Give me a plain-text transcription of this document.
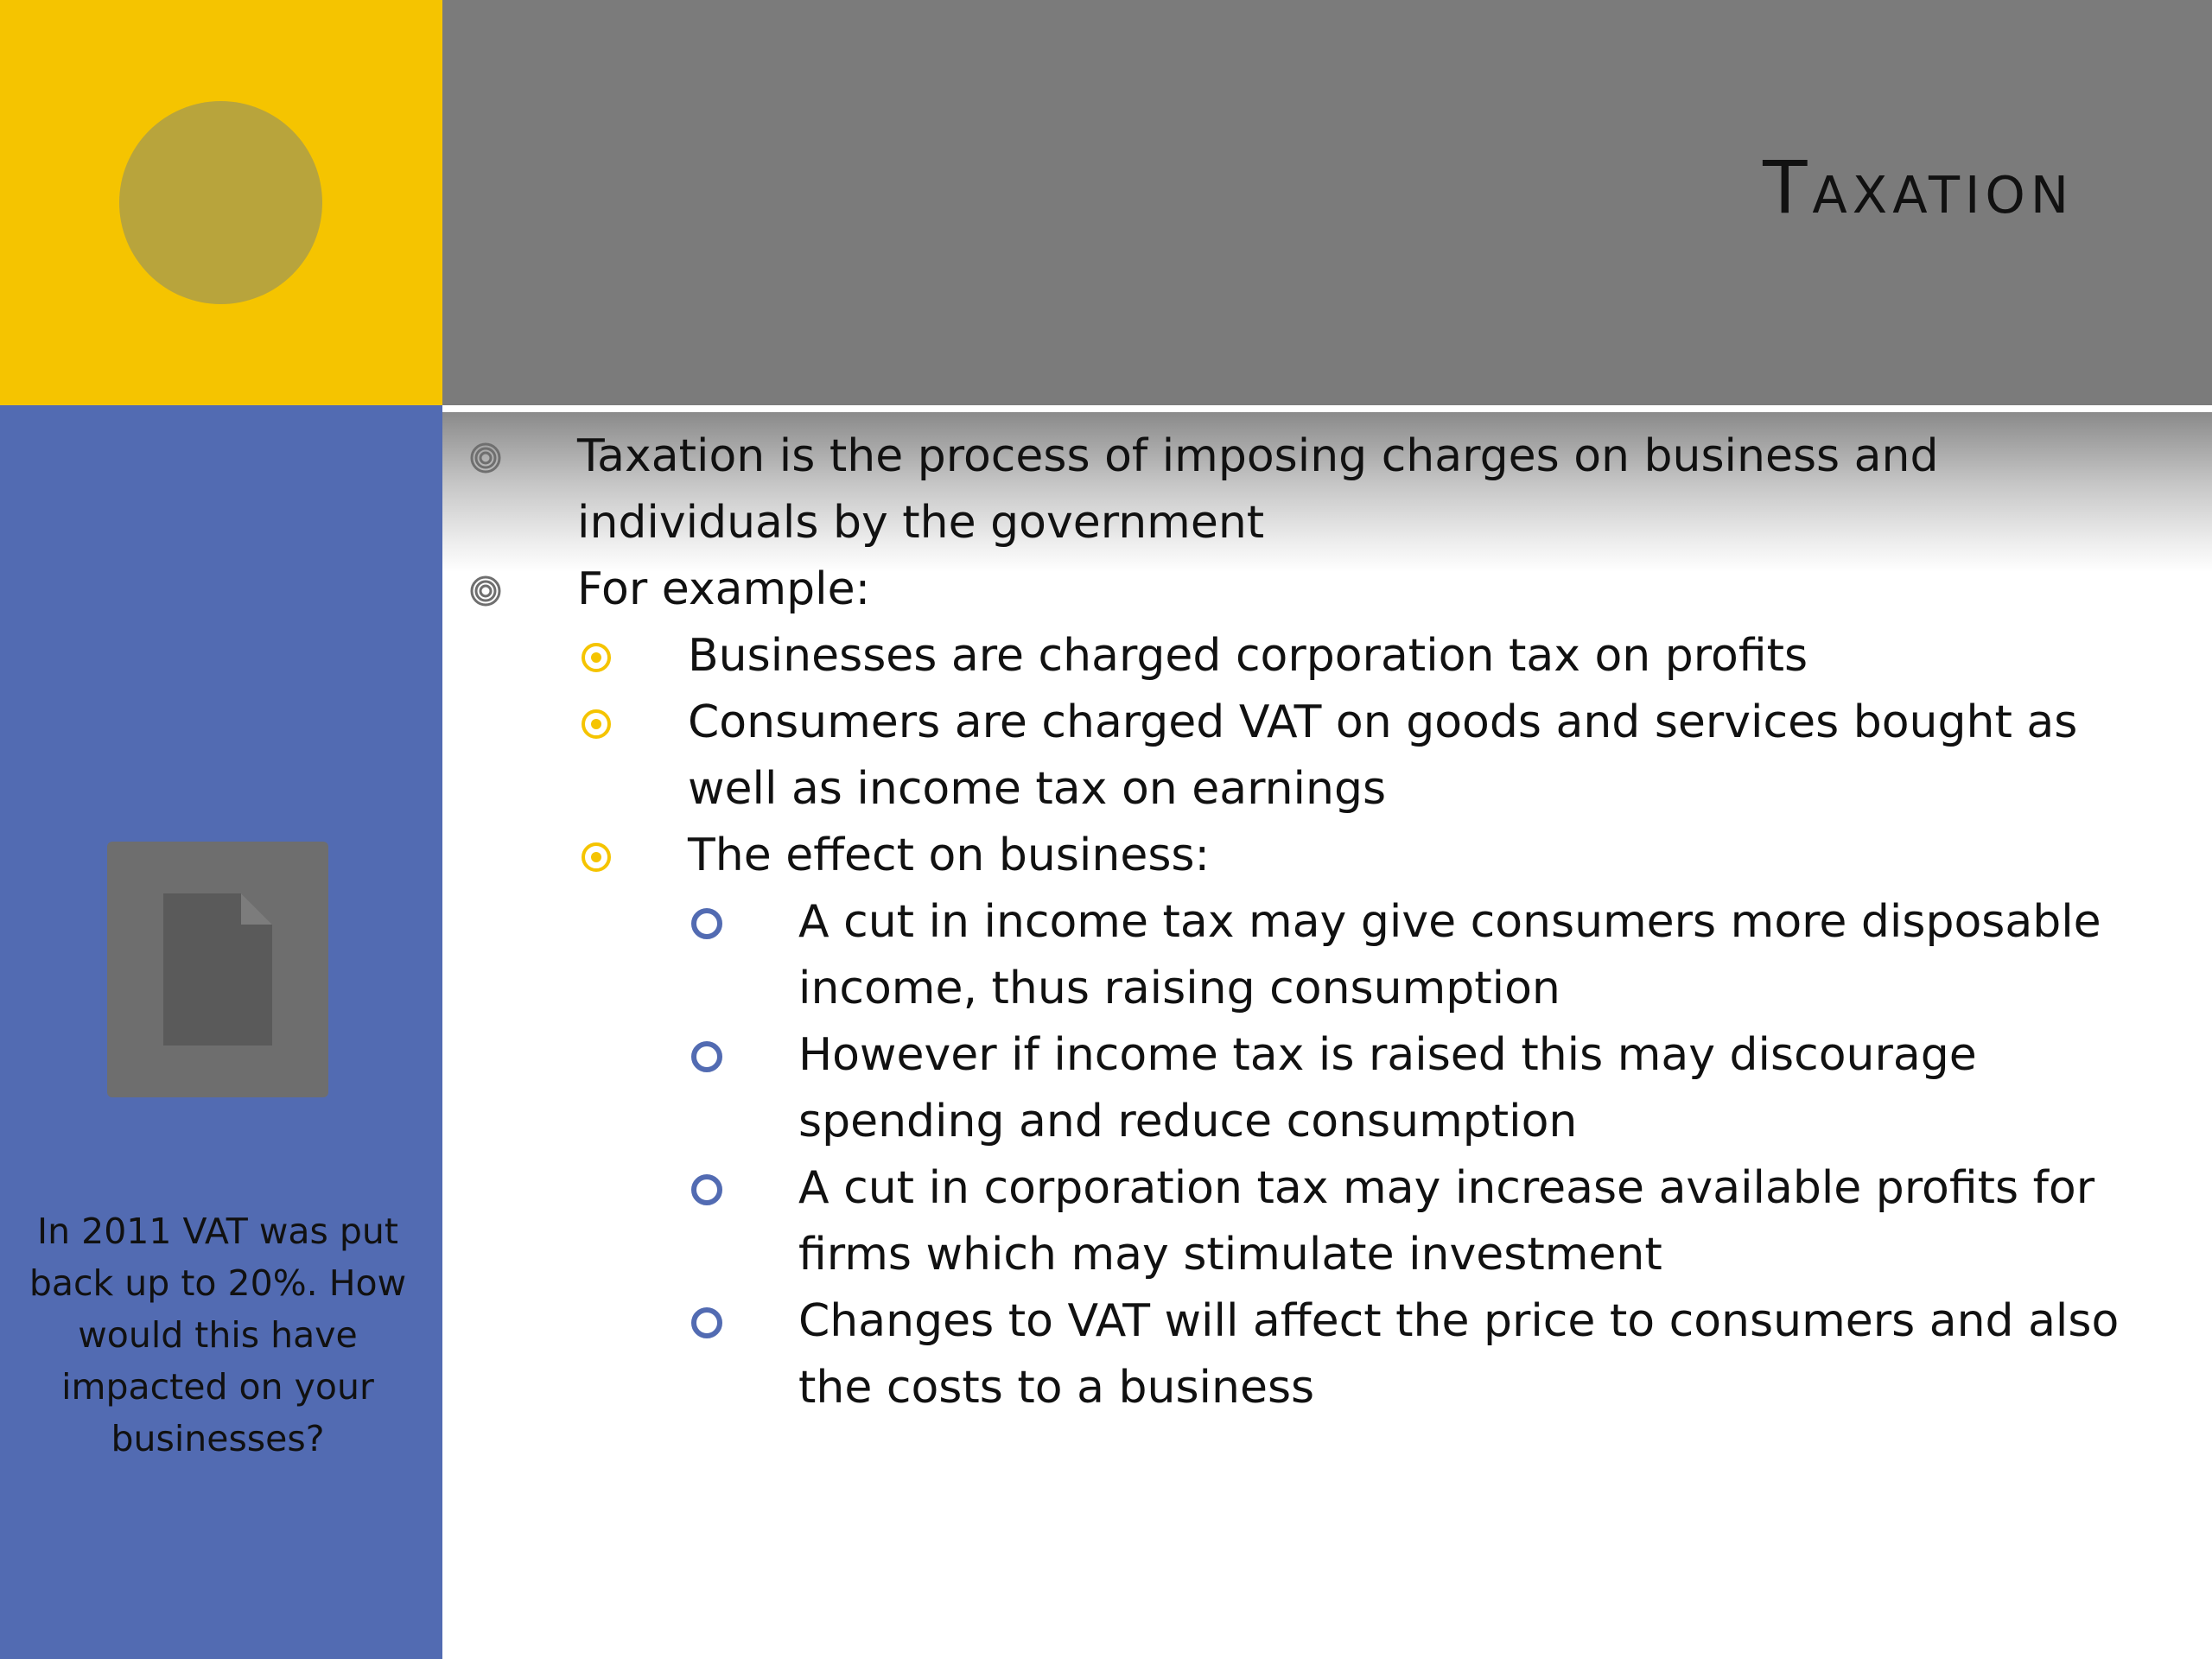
Taxation

In 2011 VAT was put back up to 20%. How would this have impacted on your businesses?

Taxation is the process of imposing charges on business and individuals by the government
For example:
Businesses are charged corporation tax on profits
Consumers are charged VAT on goods and services bought as well as income tax on earnings
The effect on business:
A cut in income tax may give consumers more disposable income, thus raising consumption
However if income tax is raised this may discourage spending and reduce consumption
A cut in corporation tax may increase available profits for firms which may stimulate investment
Changes to VAT will affect the price to consumers and also the costs to a business
